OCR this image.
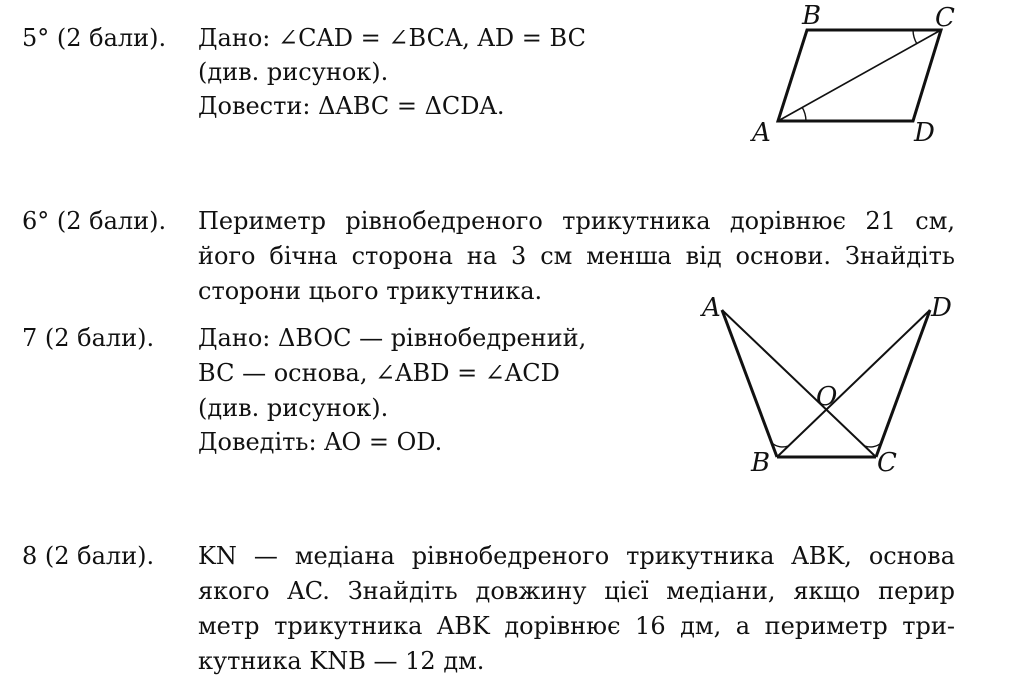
5° (2 бали). Дано: ∠CAD = ∠BCA, AD = BC
(див. рисунок).
Довести: ΔABC = ΔCDA.
B	C
A	D
6° (2 бали). Периметр рівнобедреного трикутника дорівнює 21 см,
його бічна сторона на 3 см менша від основи. Знайдіть
сторони цього трикутника.
7 (2 бали). Дано: ΔBOC — рівнобедрений,
BC — основа, ∠ABD = ∠ACD
(див. рисунок).
Доведіть: AO = OD.
A	D
O
B	C
8 (2 бали). KN — медіана рівнобедреного трикутника ABK, основа
якого AC. Знайдіть довжину цієї медіани, якщо перир
метр трикутника ABK дорівнює 16 дм, а периметр три-
кутника KNB — 12 дм.
